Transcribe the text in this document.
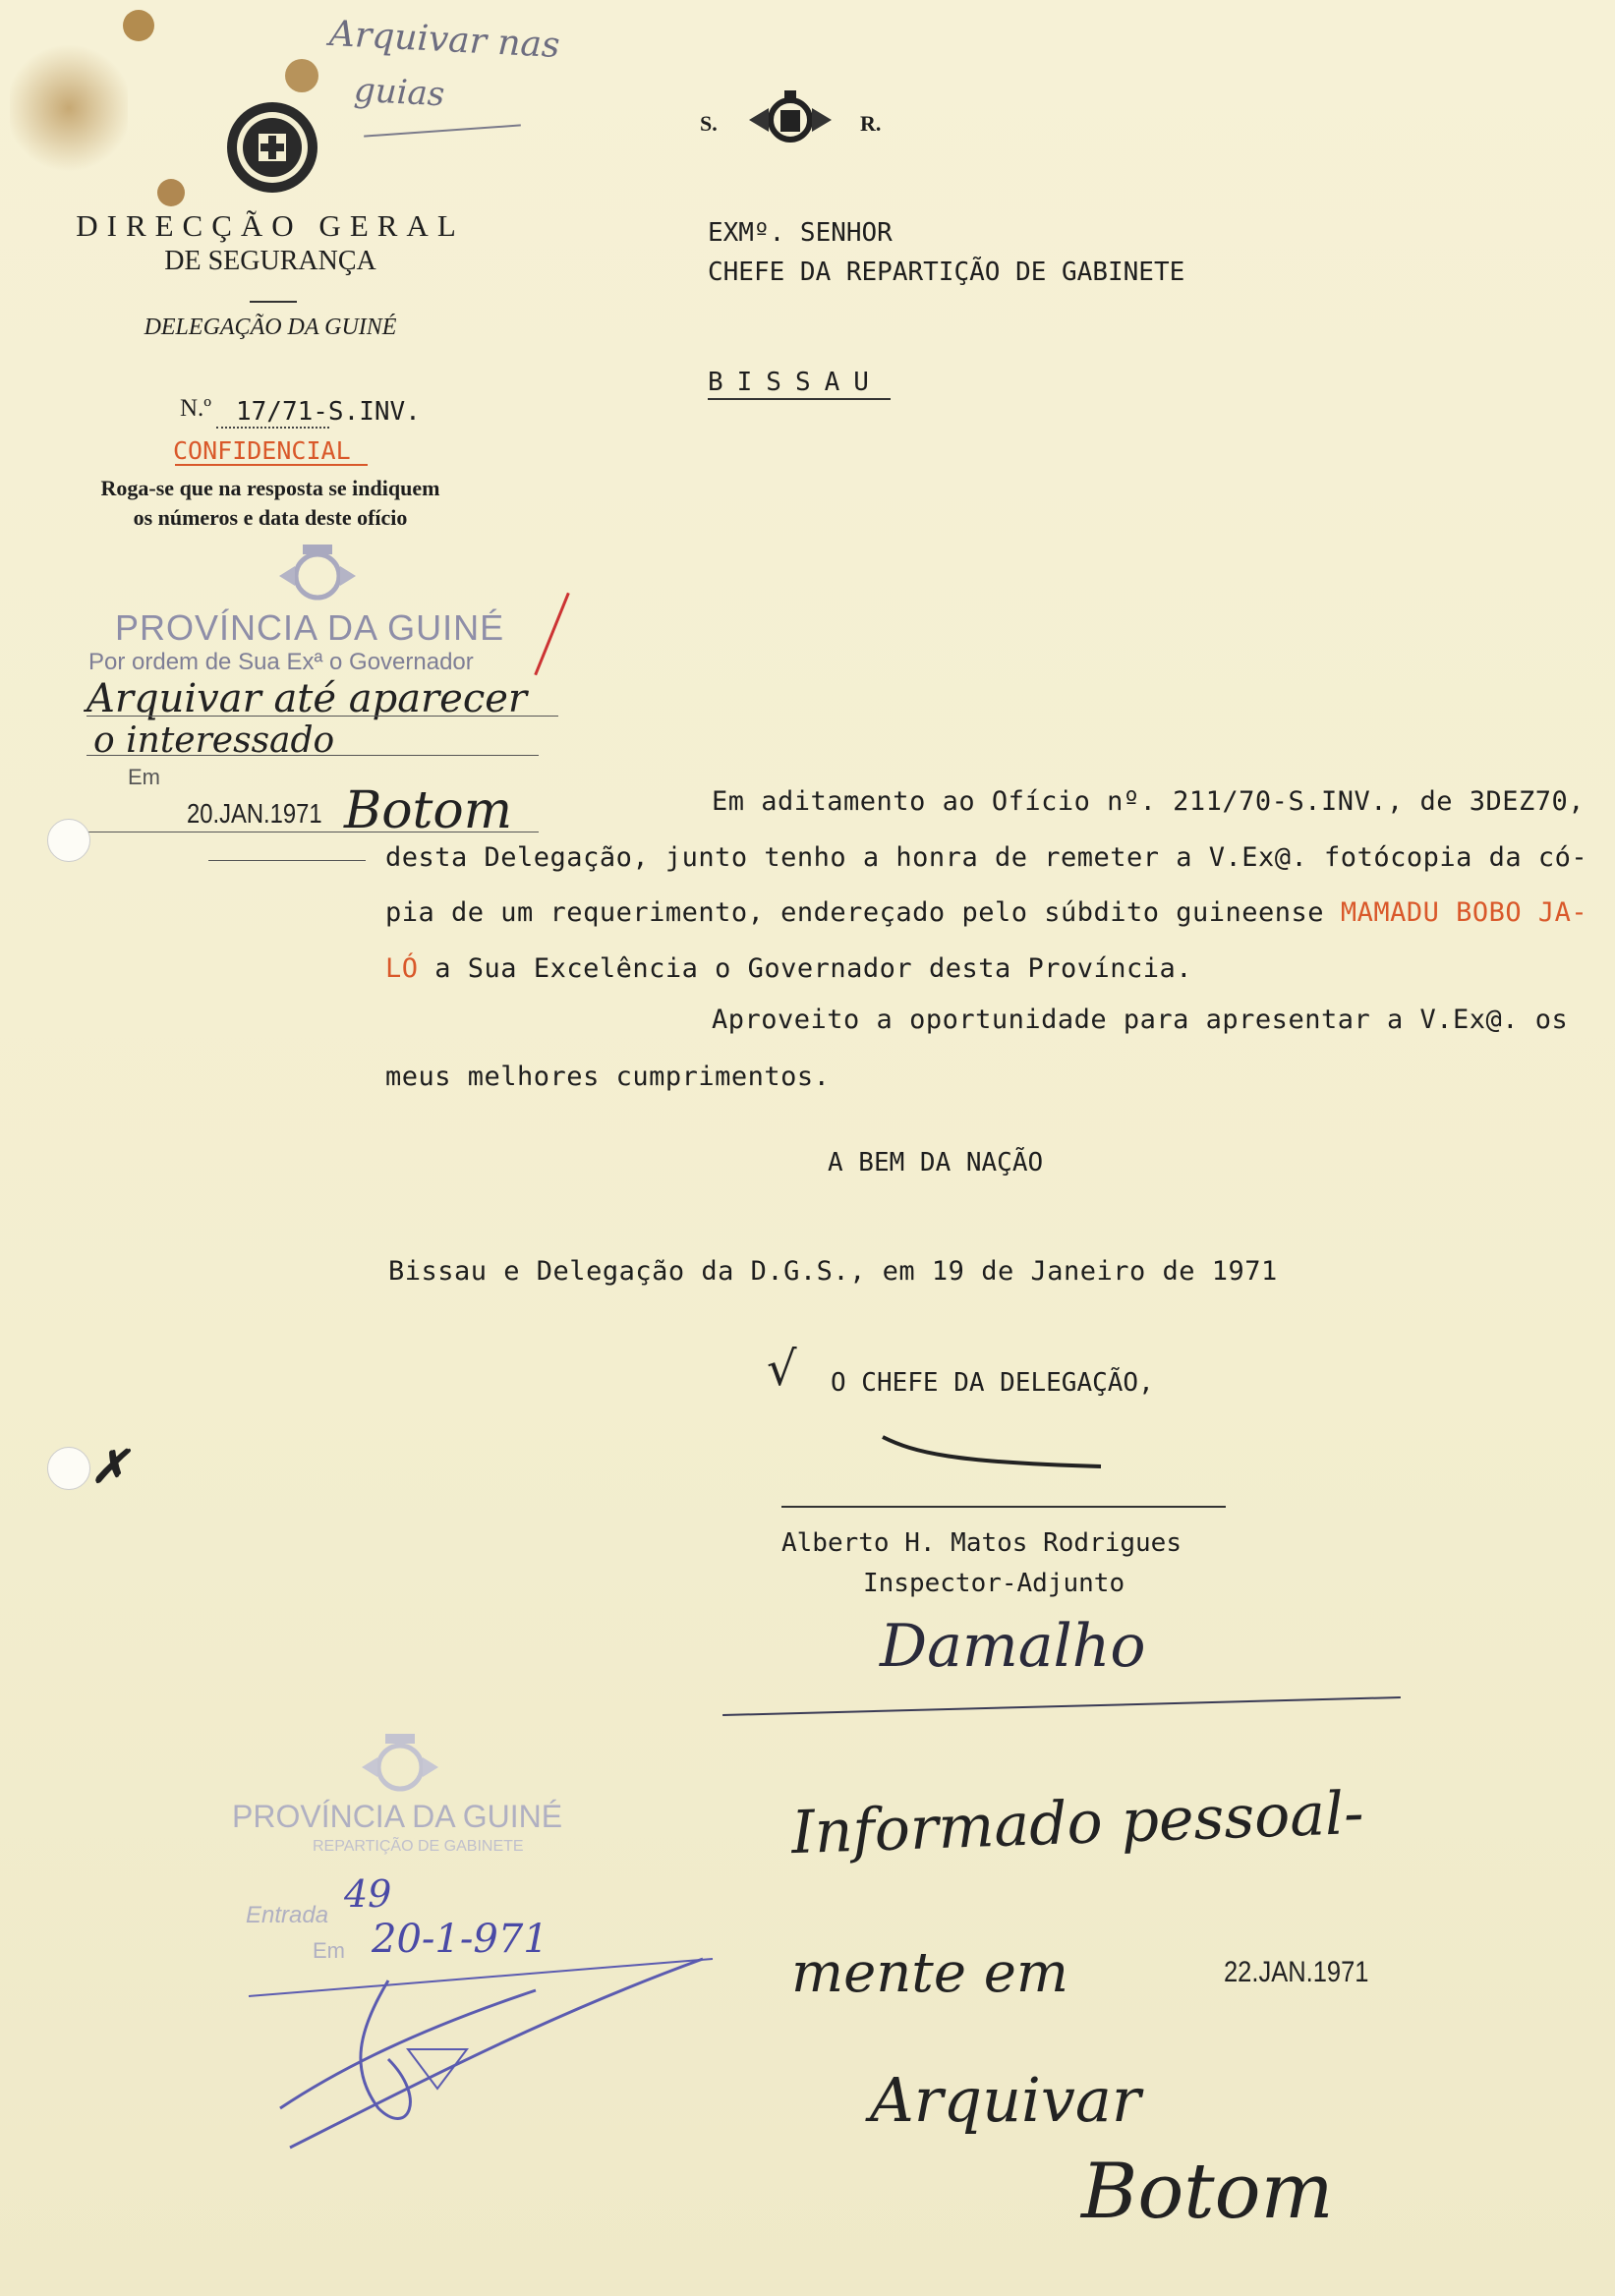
Arquivar nas
guias
DIRECÇÃO GERAL
DE SEGURANÇA
DELEGAÇÃO DA GUINÉ
N.º 17/71-S.INV.
CONFIDENCIAL
Roga-se que na resposta se indiquem
os números e data deste ofício
S.	R.
EXMº. SENHOR
CHEFE DA REPARTIÇÃO DE GABINETE
BISSAU
PROVÍNCIA DA GUINÉ
Por ordem de Sua Exª o Governador
Arquivar até aparecer
o interessado
Em
20.JAN.1971 Botom
✗
Em aditamento ao Ofício nº. 211/70-S.INV., de 3DEZ70,
desta Delegação, junto tenho a honra de remeter a V.Ex@. fotócopia da có-
pia de um requerimento, endereçado pelo súbdito guineense MAMADU BOBO JA-
LÓ a Sua Excelência o Governador desta Província.
Aproveito a oportunidade para apresentar a V.Ex@. os
meus melhores cumprimentos.
A BEM DA NAÇÃO
Bissau e Delegação da D.G.S., em 19 de Janeiro de 1971
√ O CHEFE DA DELEGAÇÃO,
Alberto H. Matos Rodrigues
Inspector-Adjunto
Damalho
PROVÍNCIA DA GUINÉ
REPARTIÇÃO DE GABINETE
Entrada 49
Em 20-1-971
Informado pessoal-
mente em	22.JAN.1971
Arquivar
Botom
